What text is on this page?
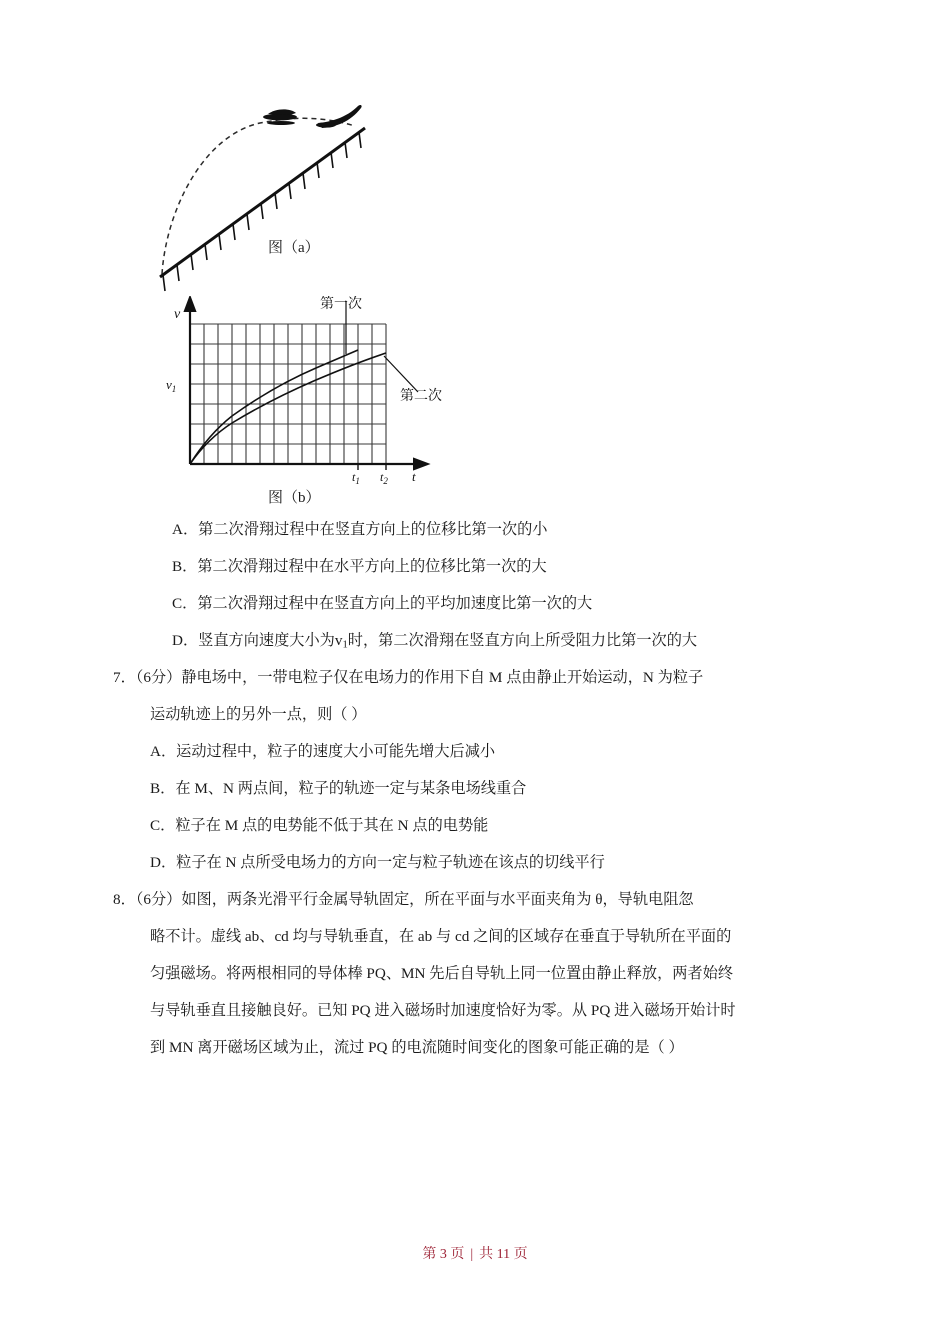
图（a）
v
$v_1$
$t_1$ $t_2$ t
第一次
第二次
图（b）
A．第二次滑翔过程中在竖直方向上的位移比第一次的小
B．第二次滑翔过程中在水平方向上的位移比第一次的大
C．第二次滑翔过程中在竖直方向上的平均加速度比第一次的大
D．竖直方向速度大小为$v_1$时，第二次滑翔在竖直方向上所受阻力比第一次的大
7．（6分）静电场中，一带电粒子仅在电场力的作用下自 M 点由静止开始运动，N 为粒子
运动轨迹上的另外一点，则（ ）
A．运动过程中，粒子的速度大小可能先增大后减小
B．在 M、N 两点间，粒子的轨迹一定与某条电场线重合
C．粒子在 M 点的电势能不低于其在 N 点的电势能
D．粒子在 N 点所受电场力的方向一定与粒子轨迹在该点的切线平行
8．（6分）如图，两条光滑平行金属导轨固定，所在平面与水平面夹角为 θ，导轨电阻忽
略不计。虚线 ab、cd 均与导轨垂直，在 ab 与 cd 之间的区域存在垂直于导轨所在平面的
匀强磁场。将两根相同的导体棒 PQ、MN 先后自导轨上同一位置由静止释放，两者始终
与导轨垂直且接触良好。已知 PQ 进入磁场时加速度恰好为零。从 PQ 进入磁场开始计时
到 MN 离开磁场区域为止，流过 PQ 的电流随时间变化的图象可能正确的是（ ）
第 3 页 | 共 11 页
